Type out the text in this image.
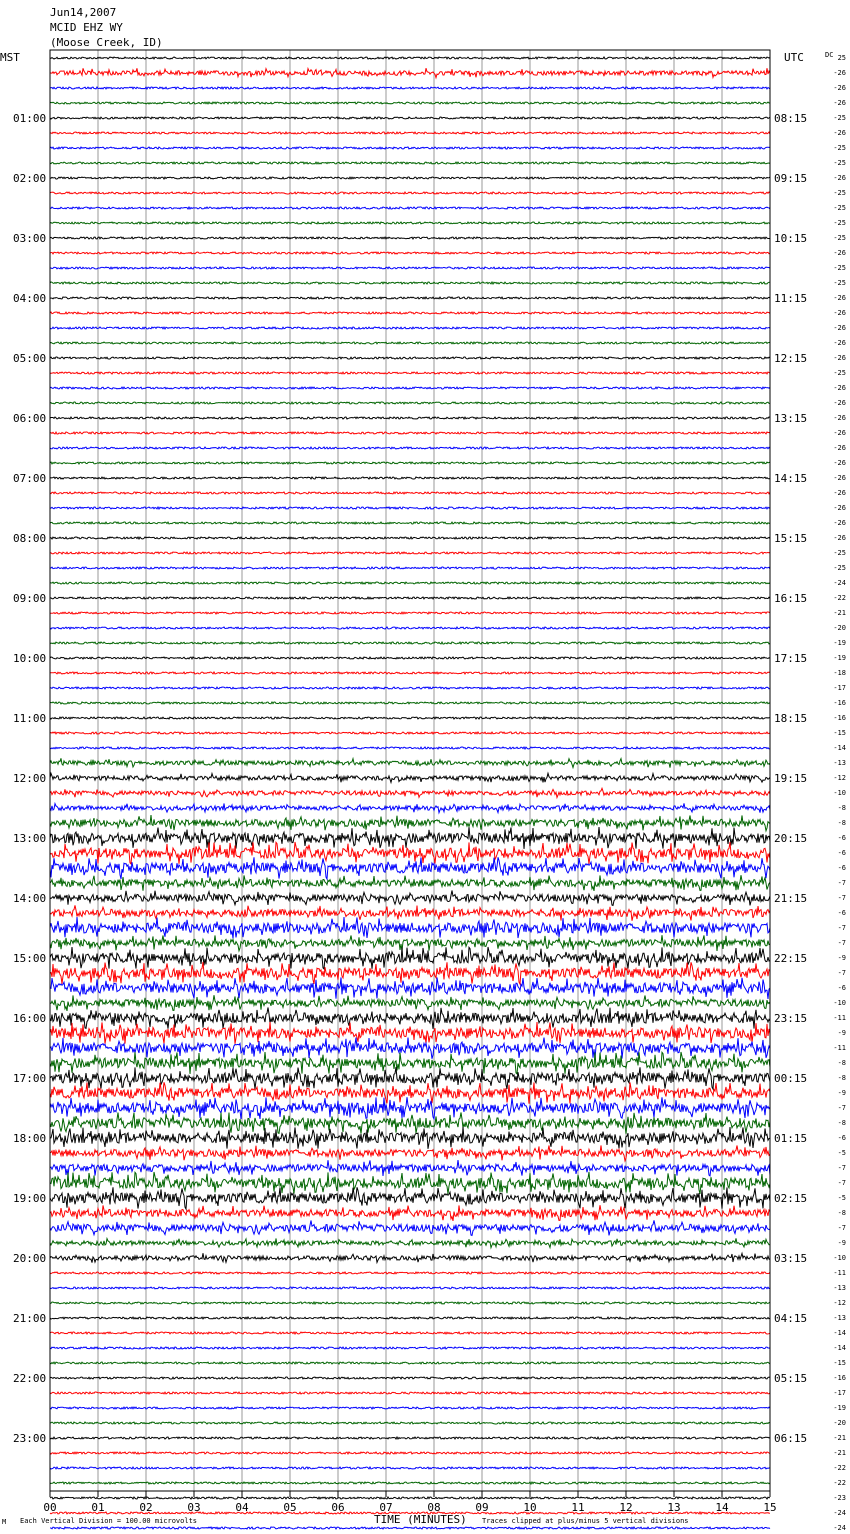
Jun14,2007
MCID EHZ WY
(Moose Creek, ID)
MST	UTC	DC
01:00
02:00
03:00
04:00
05:00
06:00
07:00
08:00
09:00
10:00
11:00
12:00
13:00
14:00
15:00
16:00
17:00
18:00
19:00
20:00
21:00
22:00
23:00
08:15
09:15
10:15
11:15
12:15
13:15
14:15
15:15
16:15
17:15
18:15
19:15
20:15
21:15
22:15
23:15
00:15
01:15
02:15
03:15
04:15
05:15
06:15
25
-26
-26
-26
-25
-26
-25
-25
-26
-25
-25
-25
-25
-26
-25
-25
-26
-26
-26
-26
-26
-25
-26
-26
-26
-26
-26
-26
-26
-26
-26
-26
-26
-25
-25
-24
-22
-21
-20
-19
-19
-18
-17
-16
-16
-15
-14
-13
-12
-10
-8
-8
-6
-6
-6
-7
-7
-6
-7
-7
-9
-7
-6
-10
-11
-9
-11
-8
-8
-9
-7
-8
-6
-5
-7
-7
-5
-8
-7
-9
-10
-11
-13
-12
-13
-14
-14
-15
-16
-17
-19
-20
-21
-21
-22
-22
-23
-24
-24
00	01	02	03	04	05	06	07	08	09	10	11	12	13	14	15
M Each Vertical Division = 100.00 microvolts	TIME (MINUTES) Traces clipped at plus/minus 5 vertical divisions
